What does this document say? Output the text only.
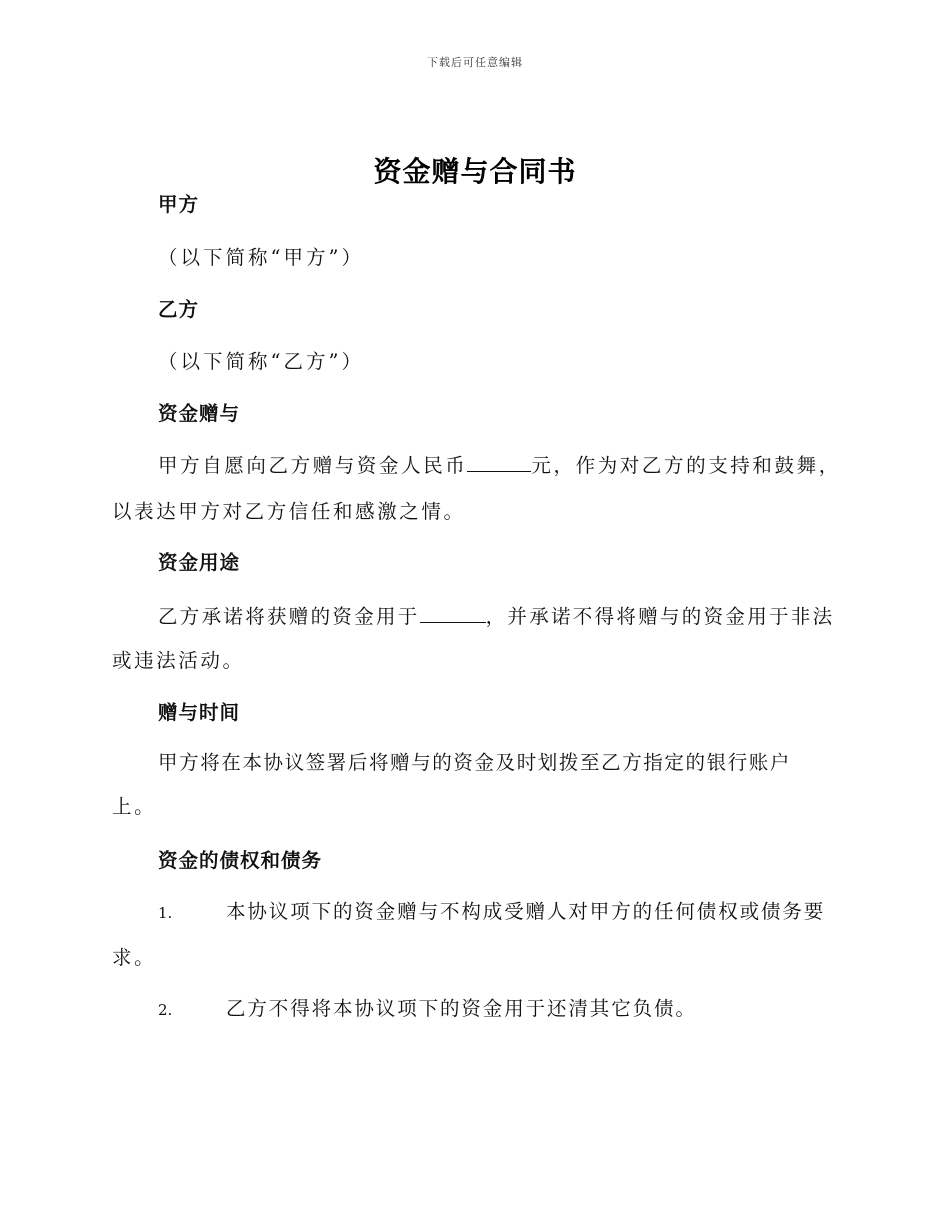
下载后可任意编辑
资金赠与合同书
甲方
（以下简称“甲方”）
乙方
（以下简称“乙方”）
资金赠与
甲方自愿向乙方赠与资金人民币	元，作为对乙方的支持和鼓舞，
以表达甲方对乙方信任和感激之情。
资金用途
乙方承诺将获赠的资金用于	，并承诺不得将赠与的资金用于非法
或违法活动。
赠与时间
甲方将在本协议签署后将赠与的资金及时划拨至乙方指定的银行账户
上。
资金的债权和债务
1.	本协议项下的资金赠与不构成受赠人对甲方的任何债权或债务要
求。
2.	乙方不得将本协议项下的资金用于还清其它负债。
